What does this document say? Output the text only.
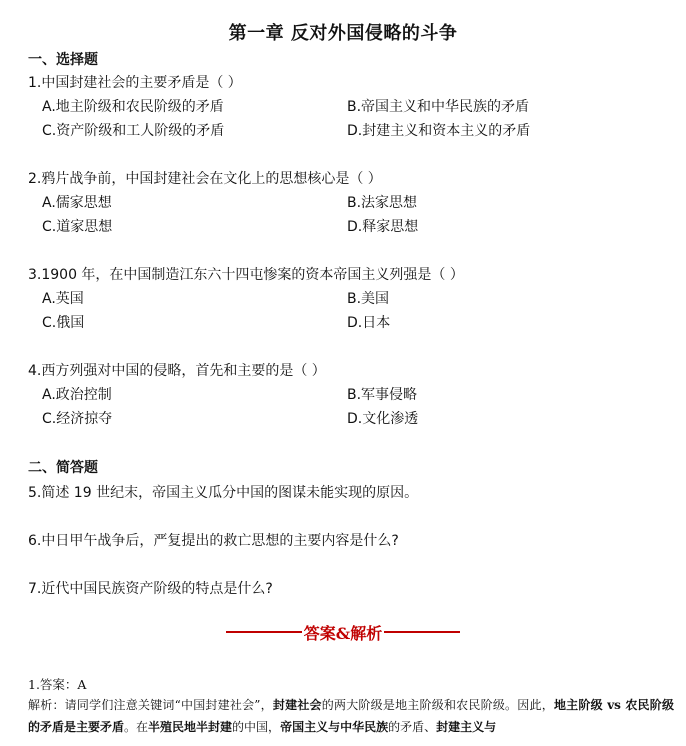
第一章 反对外国侵略的斗争
一、选择题
1.中国封建社会的主要矛盾是（ ）
A.地主阶级和农民阶级的矛盾	B.帝国主义和中华民族的矛盾
C.资产阶级和工人阶级的矛盾	D.封建主义和资本主义的矛盾
2.鸦片战争前，中国封建社会在文化上的思想核心是（ ）
A.儒家思想	B.法家思想
C.道家思想	D.释家思想
3.1900 年，在中国制造江东六十四屯惨案的资本帝国主义列强是（ ）
A.英国	B.美国
C.俄国	D.日本
4.西方列强对中国的侵略，首先和主要的是（ ）
A.政治控制	B.军事侵略
C.经济掠夺	D.文化渗透
二、简答题
5.简述 19 世纪末，帝国主义瓜分中国的图谋未能实现的原因。
6.中日甲午战争后，严复提出的救亡思想的主要内容是什么?
7.近代中国民族资产阶级的特点是什么?
答案&解析
1.答案：A
解析：请同学们注意关键词“中国封建社会”，封建社会的两大阶级是地主阶级和农民阶级。因此，地主阶级 vs 农民阶级的矛盾是主要矛盾。在半殖民地半封建的中国，帝国主义与中华民族的矛盾、封建主义与
